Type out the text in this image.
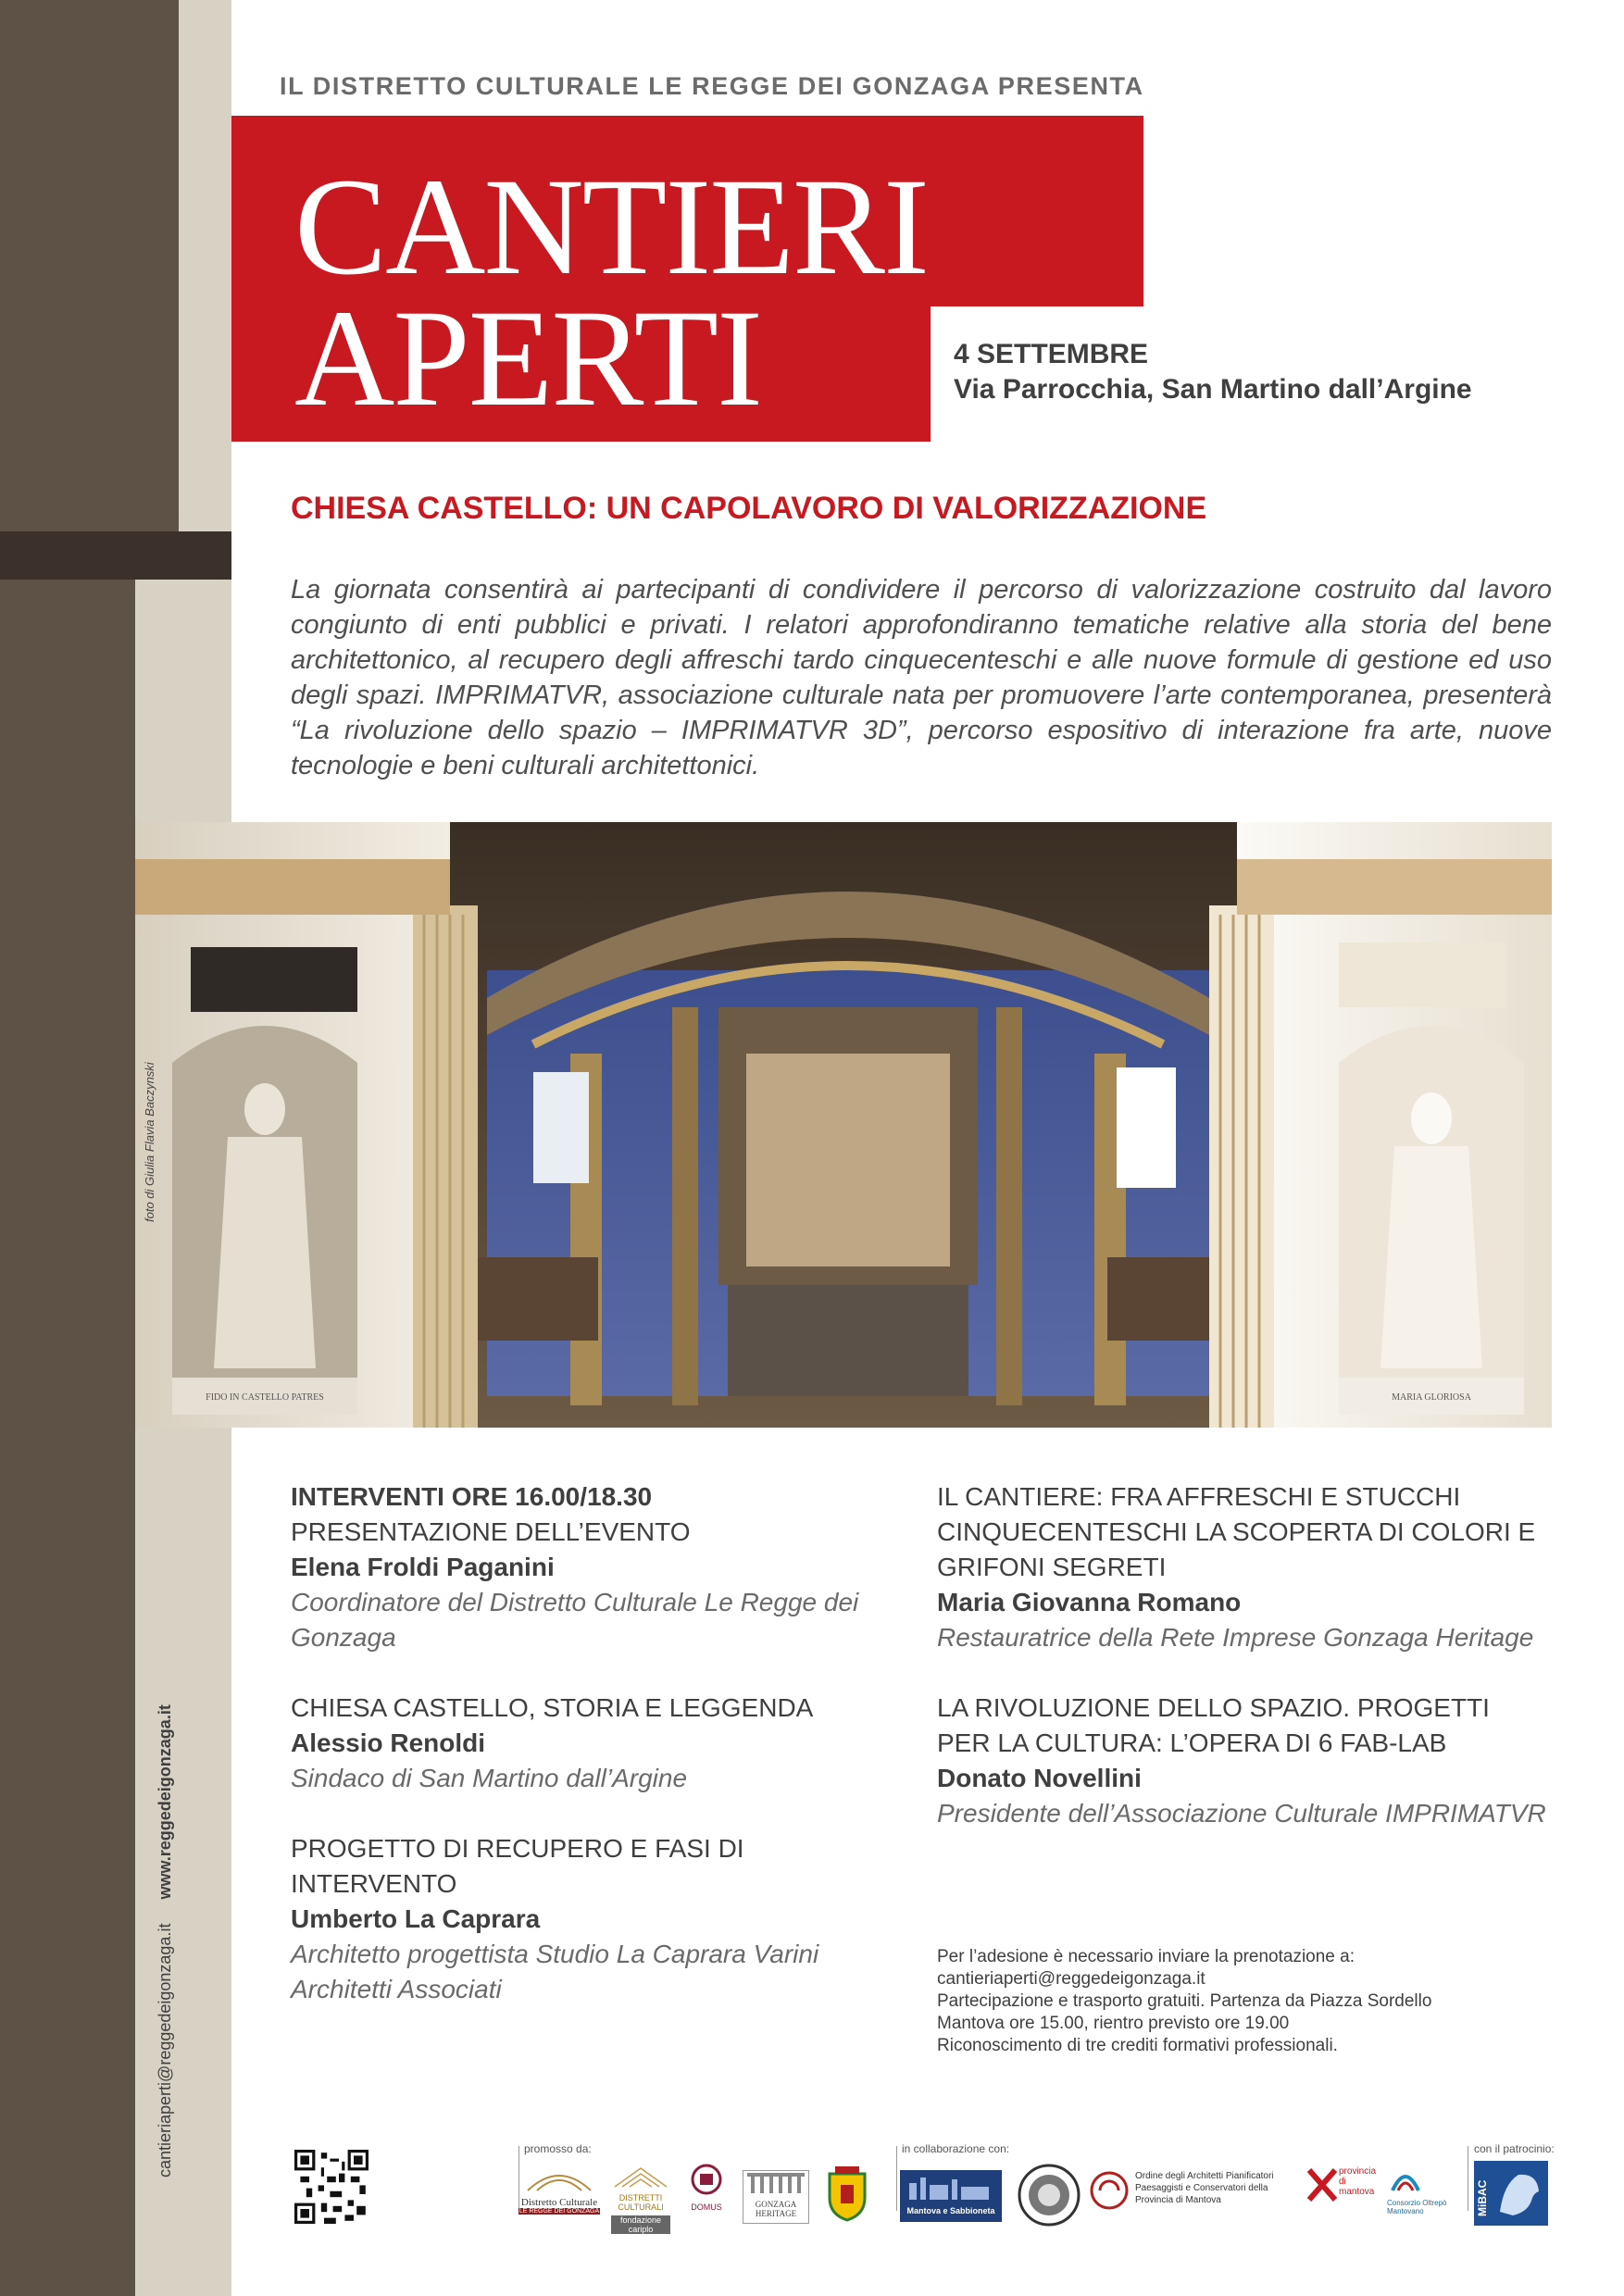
IL DISTRETTO CULTURALE LE REGGE DEI GONZAGA PRESENTA
CANTIERI
APERTI	4 SETTEMBRE
Via Parrocchia, San Martino dall’Argine
CHIESA CASTELLO: UN CAPOLAVORO DI VALORIZZAZIONE
La giornata consentirà ai partecipanti di condividere il percorso di valorizzazione costruito dal lavoro congiunto di enti pubblici e privati. I relatori approfondiranno tematiche relative alla storia del bene architettonico, al recupero degli affreschi tardo cinquecenteschi e alle nuove formule di gestione ed uso degli spazi. IMPRIMATVR, associazione culturale nata per promuovere l’arte contemporanea, presenterà “La rivoluzione dello spazio – IMPRIMATVR 3D”, percorso espositivo di interazione fra arte, nuove tecnologie e beni culturali architettonici.
FIDO IN CASTELLO PATRES	MARIA GLORIOSA
foto di Giulia Flavia Baczynski
INTERVENTI ORE 16.00/18.30
PRESENTAZIONE DELL’EVENTO
Elena Froldi Paganini
Coordinatore del Distretto Culturale Le Regge dei Gonzaga
CHIESA CASTELLO, STORIA E LEGGENDA
Alessio Renoldi
Sindaco di San Martino dall’Argine
PROGETTO DI RECUPERO E FASI DI INTERVENTO
Umberto La Caprara
Architetto progettista Studio La Caprara Varini Architetti Associati
IL CANTIERE: FRA AFFRESCHI E STUCCHI CINQUECENTESCHI LA SCOPERTA DI COLORI E GRIFONI SEGRETI
Maria Giovanna Romano
Restauratrice della Rete Imprese Gonzaga Heritage
LA RIVOLUZIONE DELLO SPAZIO. PROGETTI PER LA CULTURA: L’OPERA DI 6 FAB-LAB
Donato Novellini
Presidente dell’Associazione Culturale IMPRIMATVR
Per l’adesione è necessario inviare la prenotazione a:
cantieriaperti@reggedeigonzaga.it
Partecipazione e trasporto gratuiti. Partenza da Piazza Sordello
Mantova ore 15.00, rientro previsto ore 19.00
Riconoscimento di tre crediti formativi professionali.
cantieriaperti@reggedeigonzaga.itwww.reggedeigonzaga.it
promosso da:	in collaborazione con:	con il patrocinio:
Distretto Culturale
LE REGGE DEI GONZAGA
DISTRETTI CULTURALI
fondazione cariplo
DOMUS	GONZAGA HERITAGE	Mantova e Sabbioneta
Ordine degli Architetti Pianificatori Paesaggisti e Conservatori della Provincia di Mantova
provincia di mantova
Consorzio Oltrepò Mantovano	MiBAC
